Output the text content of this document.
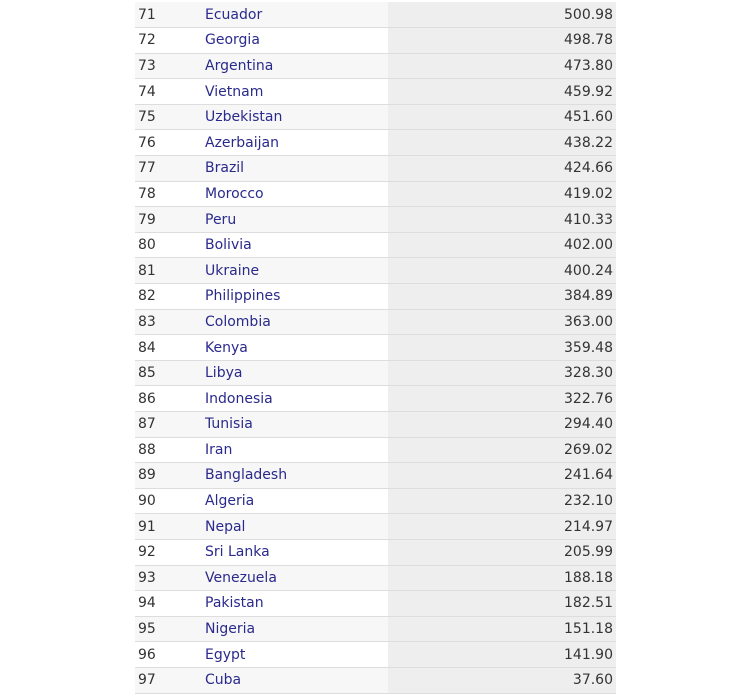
71	Ecuador	500.98
72	Georgia	498.78
73	Argentina	473.80
74	Vietnam	459.92
75	Uzbekistan	451.60
76	Azerbaijan	438.22
77	Brazil	424.66
78	Morocco	419.02
79	Peru	410.33
80	Bolivia	402.00
81	Ukraine	400.24
82	Philippines	384.89
83	Colombia	363.00
84	Kenya	359.48
85	Libya	328.30
86	Indonesia	322.76
87	Tunisia	294.40
88	Iran	269.02
89	Bangladesh	241.64
90	Algeria	232.10
91	Nepal	214.97
92	Sri Lanka	205.99
93	Venezuela	188.18
94	Pakistan	182.51
95	Nigeria	151.18
96	Egypt	141.90
97	Cuba	37.60
